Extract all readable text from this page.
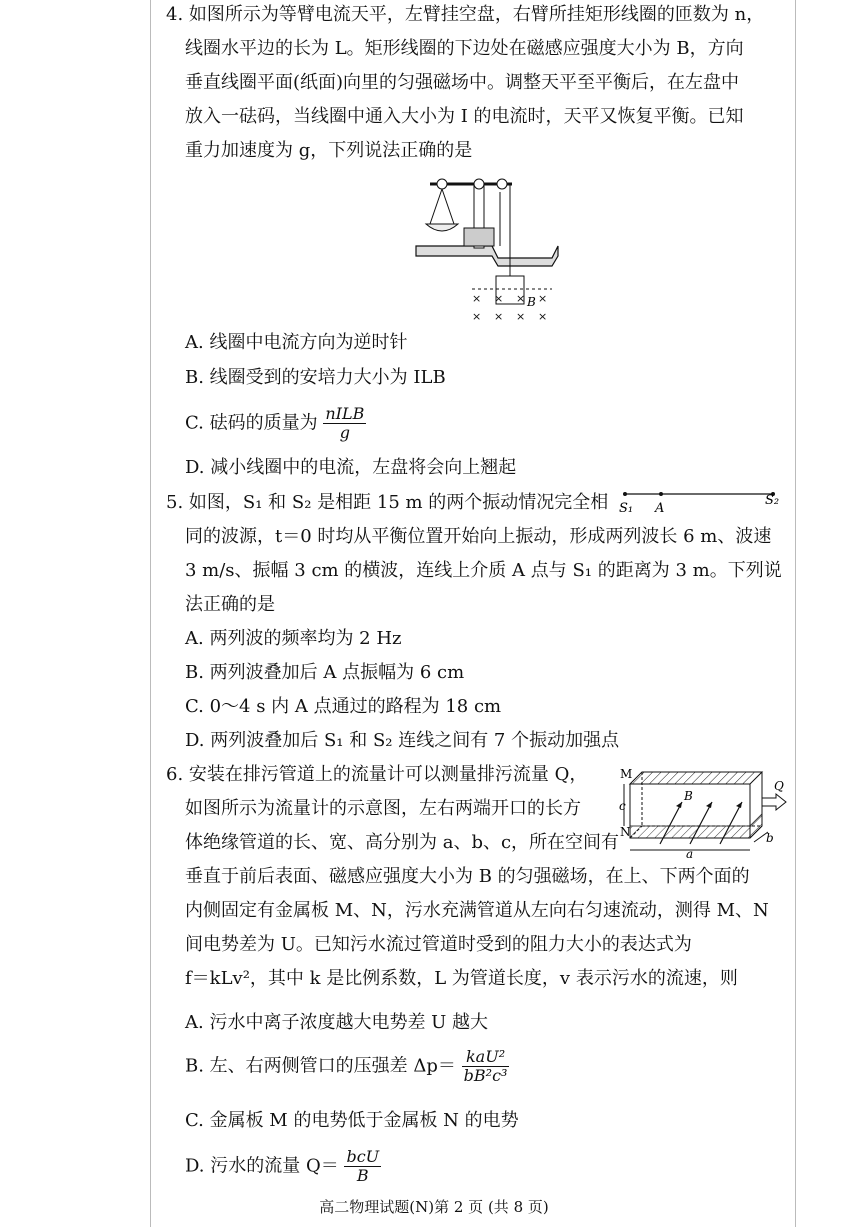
4. 如图所示为等臂电流天平，左臂挂空盘，右臂所挂矩形线圈的匝数为 n，
线圈水平边的长为 L。矩形线圈的下边处在磁感应强度大小为 B，方向
垂直线圈平面(纸面)向里的匀强磁场中。调整天平至平衡后，在左盘中
放入一砝码，当线圈中通入大小为 I 的电流时，天平又恢复平衡。已知
重力加速度为 g，下列说法正确的是
× × × ×
× × × ×
B
A. 线圈中电流方向为逆时针
B. 线圈受到的安培力大小为 ILB
C. 砝码的质量为 $\frac{\text{nILB}}{g}$
D. 减小线圈中的电流，左盘将会向上翘起
5. 如图，S₁ 和 S₂ 是相距 15 m 的两个振动情况完全相 S₁ A
S₂
同的波源，t＝0 时均从平衡位置开始向上振动，形成两列波长 6 m、波速
3 m/s、振幅 3 cm 的横波，连线上介质 A 点与 S₁ 的距离为 3 m。下列说
法正确的是
A. 两列波的频率均为 2 Hz
B. 两列波叠加后 A 点振幅为 6 cm
C. 0～4 s 内 A 点通过的路程为 18 cm
D. 两列波叠加后 S₁ 和 S₂ 连线之间有 7 个振动加强点
6. 安装在排污管道上的流量计可以测量排污流量 Q，
如图所示为流量计的示意图，左右两端开口的长方
体绝缘管道的长、宽、高分别为 a、b、c，所在空间有
M
N
c
B
Q
b
a
垂直于前后表面、磁感应强度大小为 B 的匀强磁场，在上、下两个面的
内侧固定有金属板 M、N，污水充满管道从左向右匀速流动，测得 M、N
间电势差为 U。已知污水流过管道时受到的阻力大小的表达式为
f＝kLv²，其中 k 是比例系数，L 为管道长度，v 表示污水的流速，则
A. 污水中离子浓度越大电势差 U 越大
B. 左、右两侧管口的压强差 $\Delta p= \frac{\text{kaU²}}{\text{bB²c³}}$
C. 金属板 M 的电势低于金属板 N 的电势
D. 污水的流量 $Q= \frac{\text{bcU}}{B}$
高二物理试题(N)第 2 页 (共 8 页)
